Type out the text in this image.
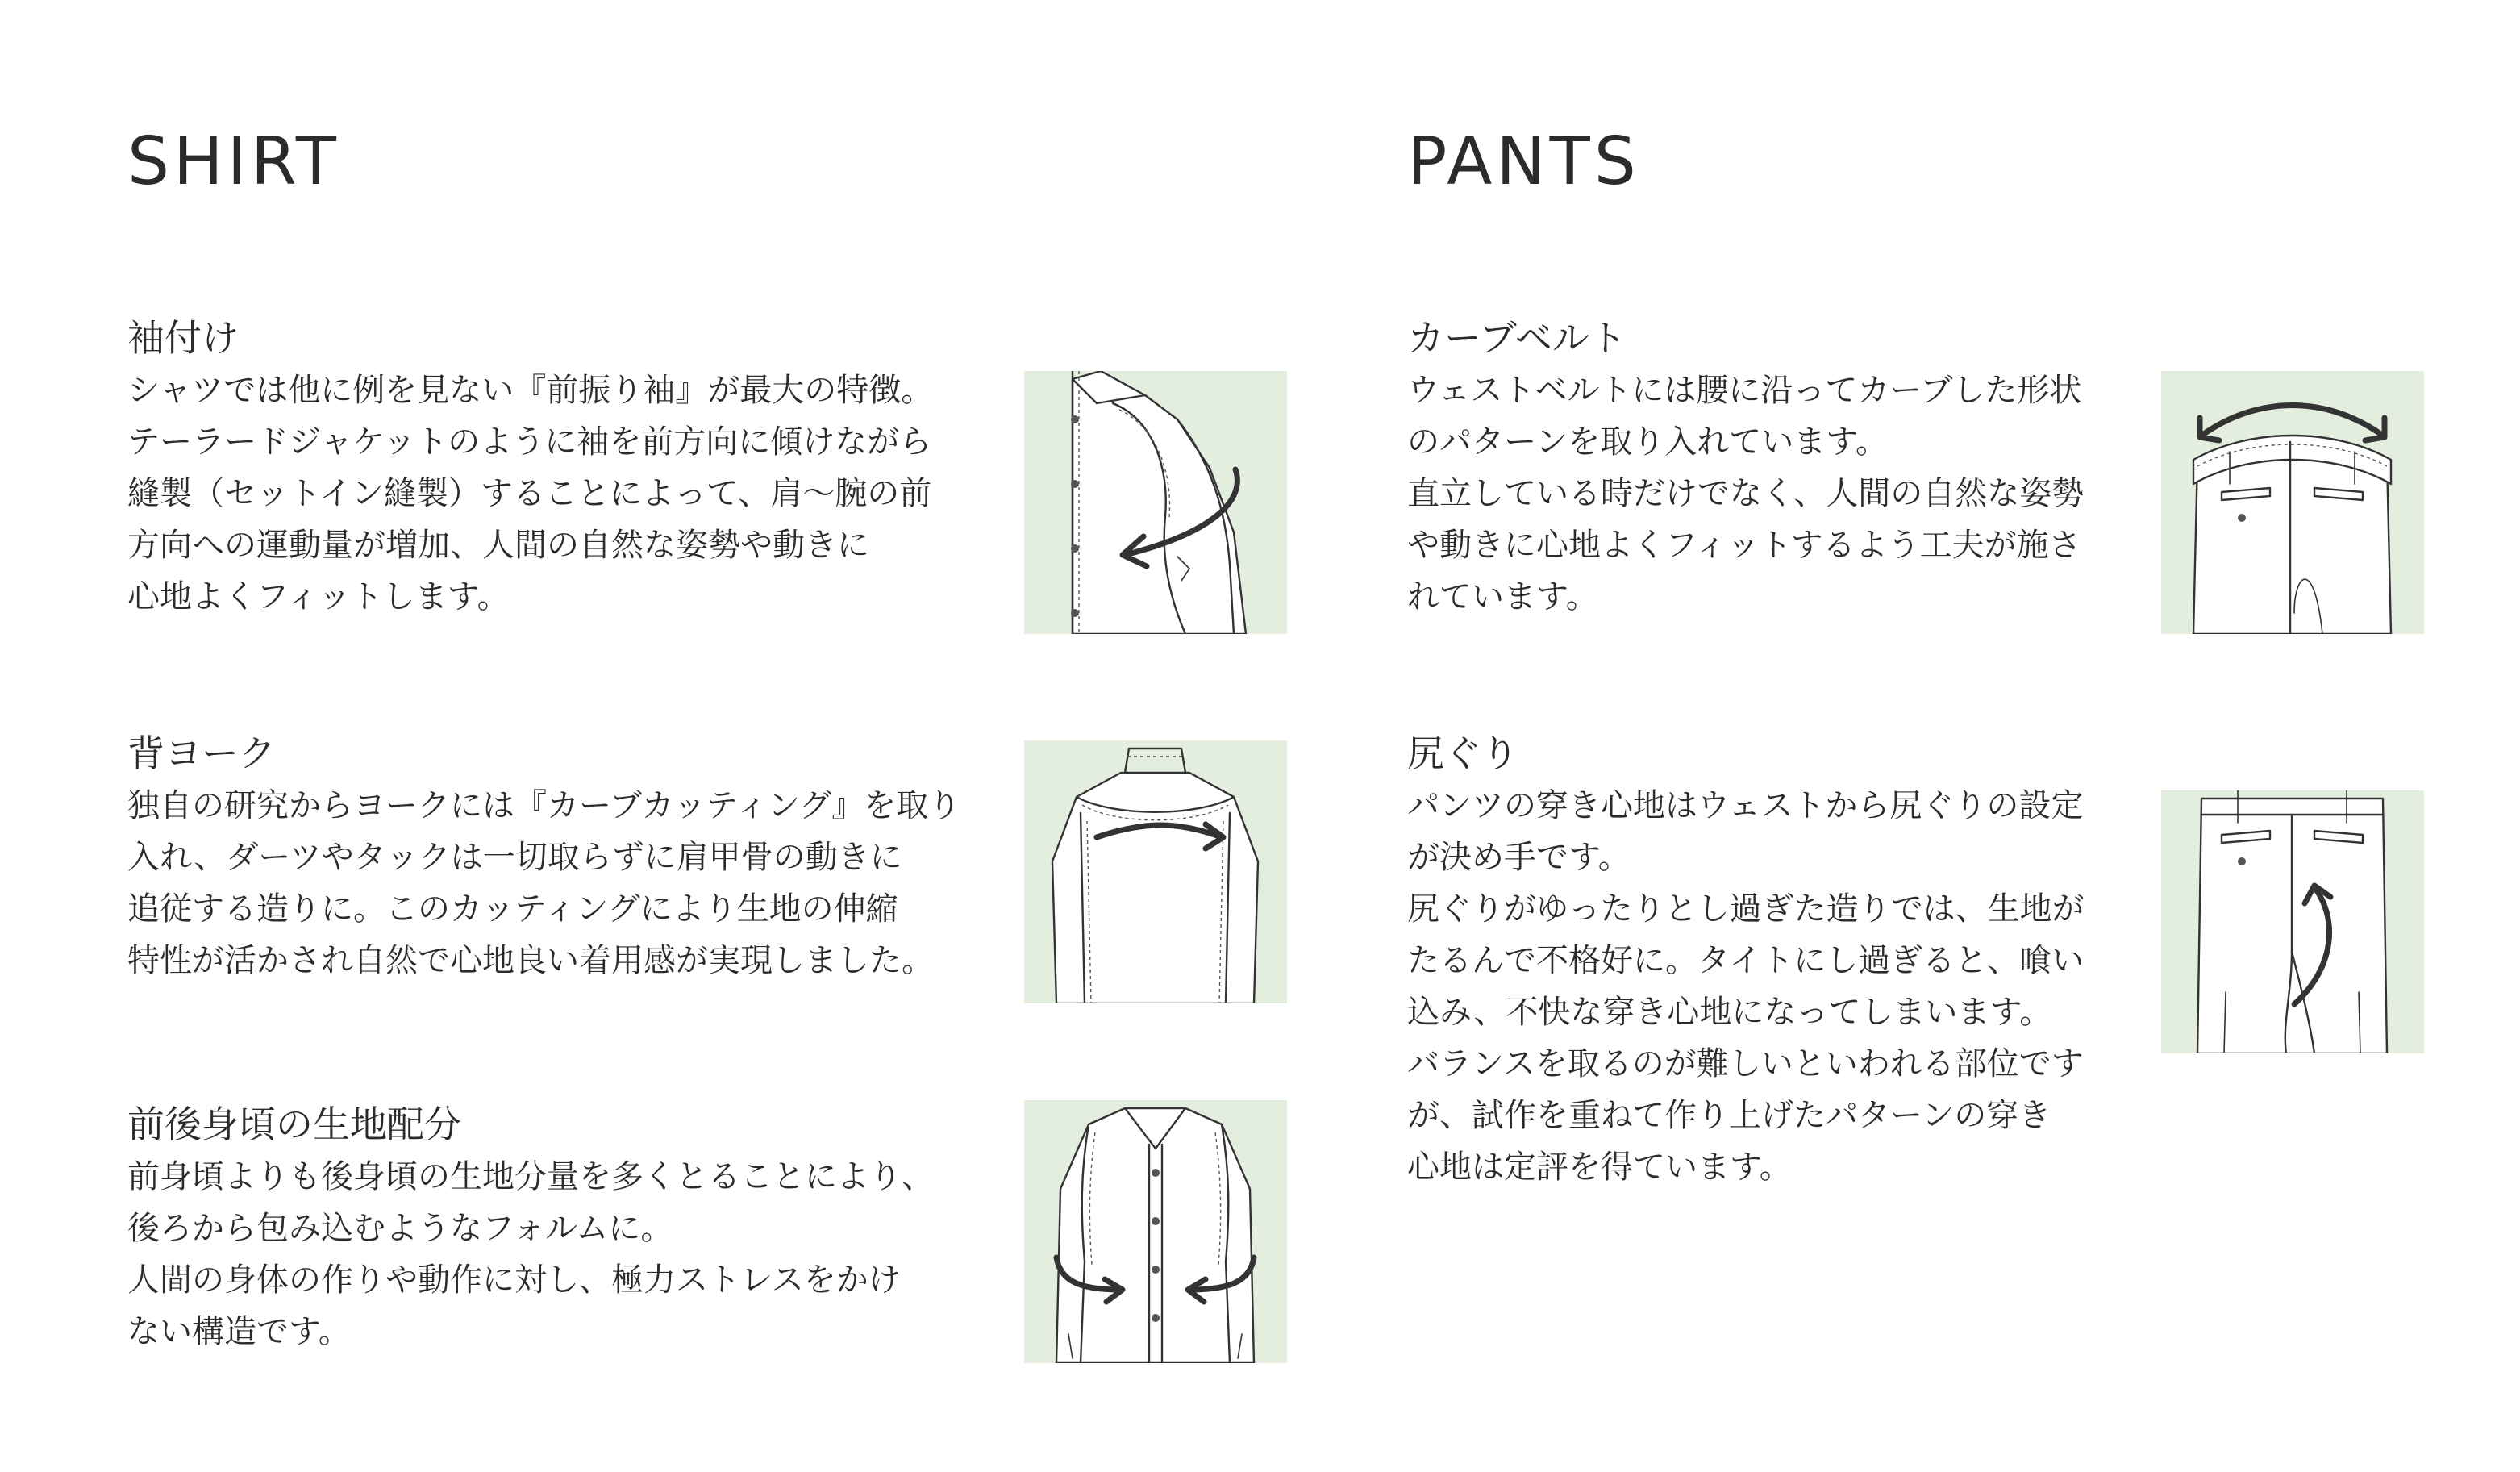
SHIRT
袖付け

シャツでは他に例を見ない『前振り袖』が最大の特徴。

テーラードジャケットのように袖を前方向に傾けながら

縫製（セットイン縫製）することによって、肩〜腕の前

方向への運動量が増加、人間の自然な姿勢や動きに

心地よくフィットします。

背ヨーク

独自の研究からヨークには『カーブカッティング』を取り

入れ、ダーツやタックは一切取らずに肩甲骨の動きに

追従する造りに。このカッティングにより生地の伸縮

特性が活かされ自然で心地良い着用感が実現しました。

前後身頃の生地配分

前身頃よりも後身頃の生地分量を多くとることにより、

後ろから包み込むようなフォルムに。

人間の身体の作りや動作に対し、極力ストレスをかけ

ない構造です。

PANTS
カーブベルト

ウェストベルトには腰に沿ってカーブした形状

のパターンを取り入れています。

直立している時だけでなく、人間の自然な姿勢

や動きに心地よくフィットするよう工夫が施さ

れています。

尻ぐり

パンツの穿き心地はウェストから尻ぐりの設定

が決め手です。

尻ぐりがゆったりとし過ぎた造りでは、生地が

たるんで不格好に。タイトにし過ぎると、喰い

込み、不快な穿き心地になってしまいます。

バランスを取るのが難しいといわれる部位です

が、試作を重ねて作り上げたパターンの穿き

心地は定評を得ています。
